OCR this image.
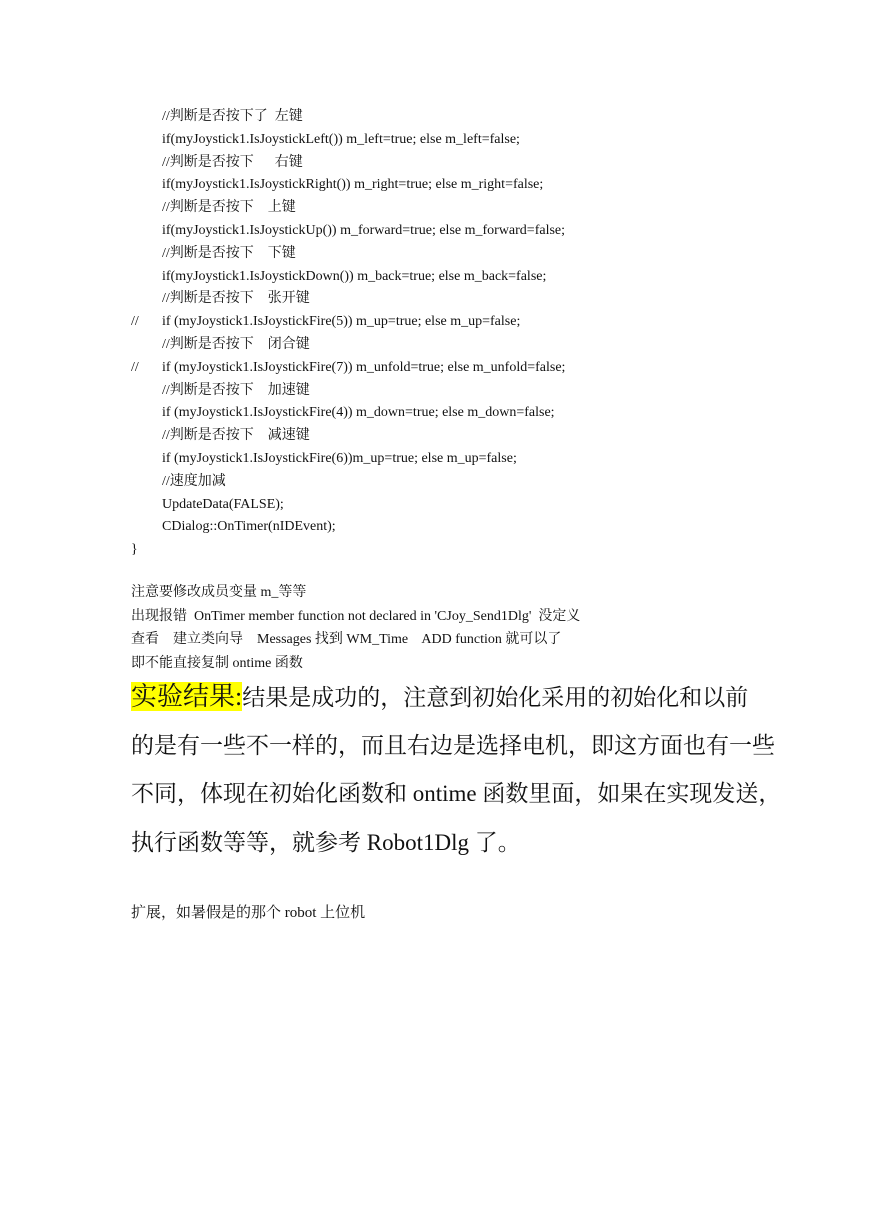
//判断是否按下了  左键
if(myJoystick1.IsJoystickLeft()) m_left=true; else m_left=false;
//判断是否按下      右键
if(myJoystick1.IsJoystickRight()) m_right=true; else m_right=false;
//判断是否按下    上键
if(myJoystick1.IsJoystickUp()) m_forward=true; else m_forward=false;
//判断是否按下    下键
if(myJoystick1.IsJoystickDown()) m_back=true; else m_back=false;
//判断是否按下    张开键
// if (myJoystick1.IsJoystickFire(5)) m_up=true; else m_up=false;
//判断是否按下    闭合键
// if (myJoystick1.IsJoystickFire(7)) m_unfold=true; else m_unfold=false;
//判断是否按下    加速键
if (myJoystick1.IsJoystickFire(4)) m_down=true; else m_down=false;
//判断是否按下    减速键
if (myJoystick1.IsJoystickFire(6))m_up=true; else m_up=false;
//速度加减
UpdateData(FALSE);
CDialog::OnTimer(nIDEvent);
}
注意要修改成员变量 m_等等
出现报错  OnTimer member function not declared in 'CJoy_Send1Dlg'  没定义
查看    建立类向导    Messages 找到 WM_Time    ADD function 就可以了
即不能直接复制 ontime 函数
实验结果:结果是成功的，注意到初始化采用的初始化和以前
的是有一些不一样的，而且右边是选择电机，即这方面也有一些
不同，体现在初始化函数和 ontime 函数里面，如果在实现发送，
执行函数等等，就参考 Robot1Dlg 了。
扩展，如暑假是的那个 robot 上位机
